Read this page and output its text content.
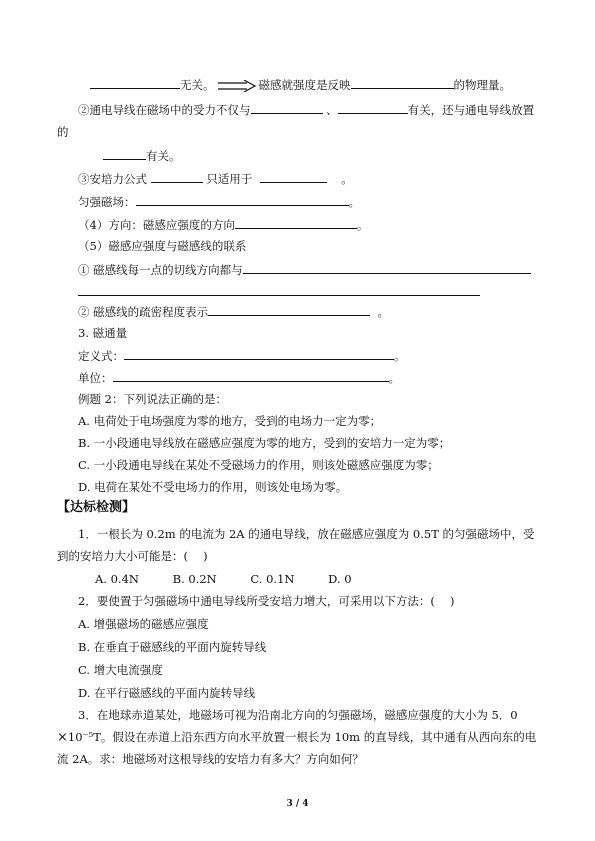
无关。	磁感就强度是反映	的物理量。
②通电导线在磁场中的受力不仅与	、	有关，还与通电导线放置
的
有关。
③安培力公式	只适用于	。
匀强磁场：	。
（4）方向：磁感应强度的方向	。
（5）磁感应强度与磁感线的联系
① 磁感线每一点的切线方向都与
② 磁感线的疏密程度表示	。
3. 磁通量
定义式：	。
单位：	。
例题 2：下列说法正确的是：
A. 电荷处于电场强度为零的地方，受到的电场力一定为零；
B. 一小段通电导线放在磁感应强度为零的地方，受到的安培力一定为零；
C. 一小段通电导线在某处不受磁场力的作用，则该处磁感应强度为零；
D. 电荷在某处不受电场力的作用，则该处电场为零。
【达标检测】
1．一根长为 0.2m 的电流为 2A 的通电导线，放在磁感应强度为 0.5T 的匀强磁场中，受
到的安培力大小可能是：(　 )
A. 0.4N	B. 0.2N	C. 0.1N	D. 0
2．要使置于匀强磁场中通电导线所受安培力增大，可采用以下方法：(　 )
A. 增强磁场的磁感应强度
B. 在垂直于磁感线的平面内旋转导线
C. 增大电流强度
D. 在平行磁感线的平面内旋转导线
3．在地球赤道某处，地磁场可视为沿南北方向的匀强磁场，磁感应强度的大小为 5．0
×10⁻⁵T。假设在赤道上沿东西方向水平放置一根长为 10m 的直导线，其中通有从西向东的电
流 2A。求：地磁场对这根导线的安培力有多大？方向如何？
3 / 4
